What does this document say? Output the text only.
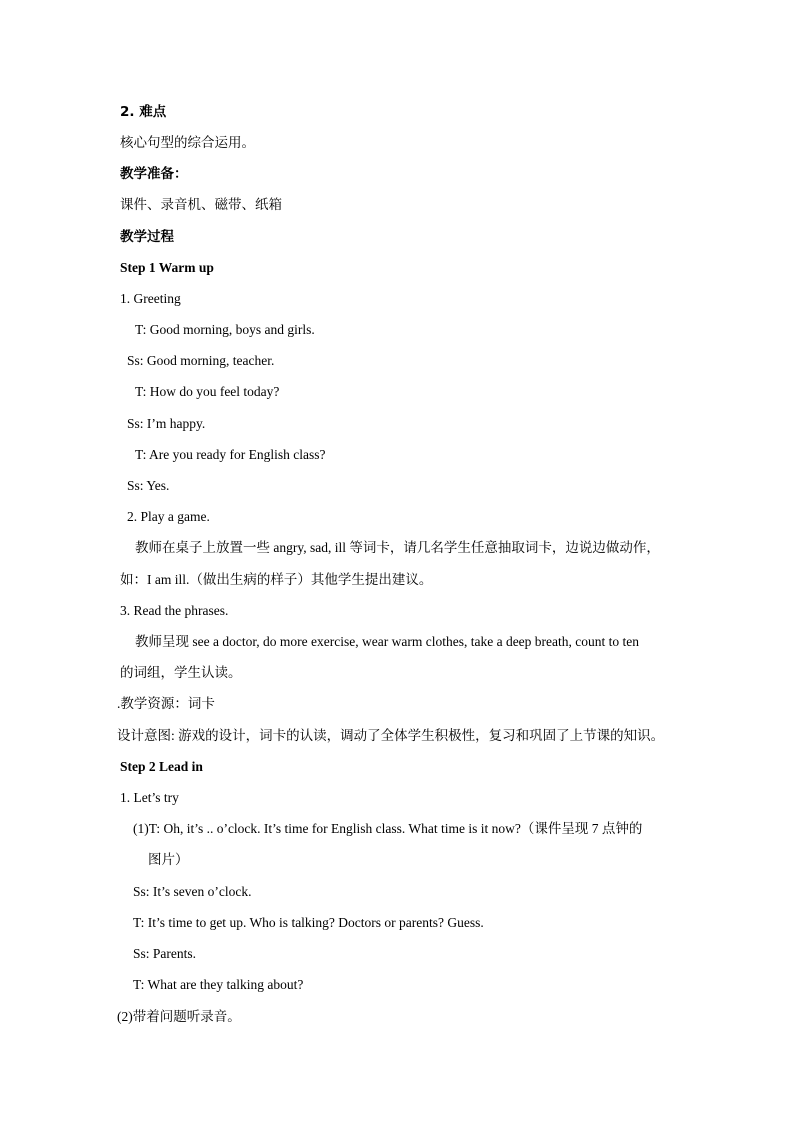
2. 难点
核心句型的综合运用。
教学准备：
课件、录音机、磁带、纸箱
教学过程
Step 1 Warm up
1. Greeting
T: Good morning, boys and girls.
Ss: Good morning, teacher.
T: How do you feel today?
Ss: I’m happy.
T: Are you ready for English class?
Ss: Yes.
2. Play a game.
教师在桌子上放置一些 angry, sad, ill 等词卡，请几名学生任意抽取词卡，边说边做动作，
如：I am ill.（做出生病的样子）其他学生提出建议。
3. Read the phrases.
教师呈现 see a doctor, do more exercise, wear warm clothes, take a deep breath, count to ten
的词组，学生认读。
.教学资源：词卡
设计意图: 游戏的设计，词卡的认读，调动了全体学生积极性，复习和巩固了上节课的知识。
Step 2 Lead in
1. Let’s try
(1)T: Oh, it’s .. o’clock. It’s time for English class. What time is it now?（课件呈现 7 点钟的
图片）
Ss: It’s seven o’clock.
T: It’s time to get up. Who is talking? Doctors or parents? Guess.
Ss: Parents.
T: What are they talking about?
(2)带着问题听录音。
